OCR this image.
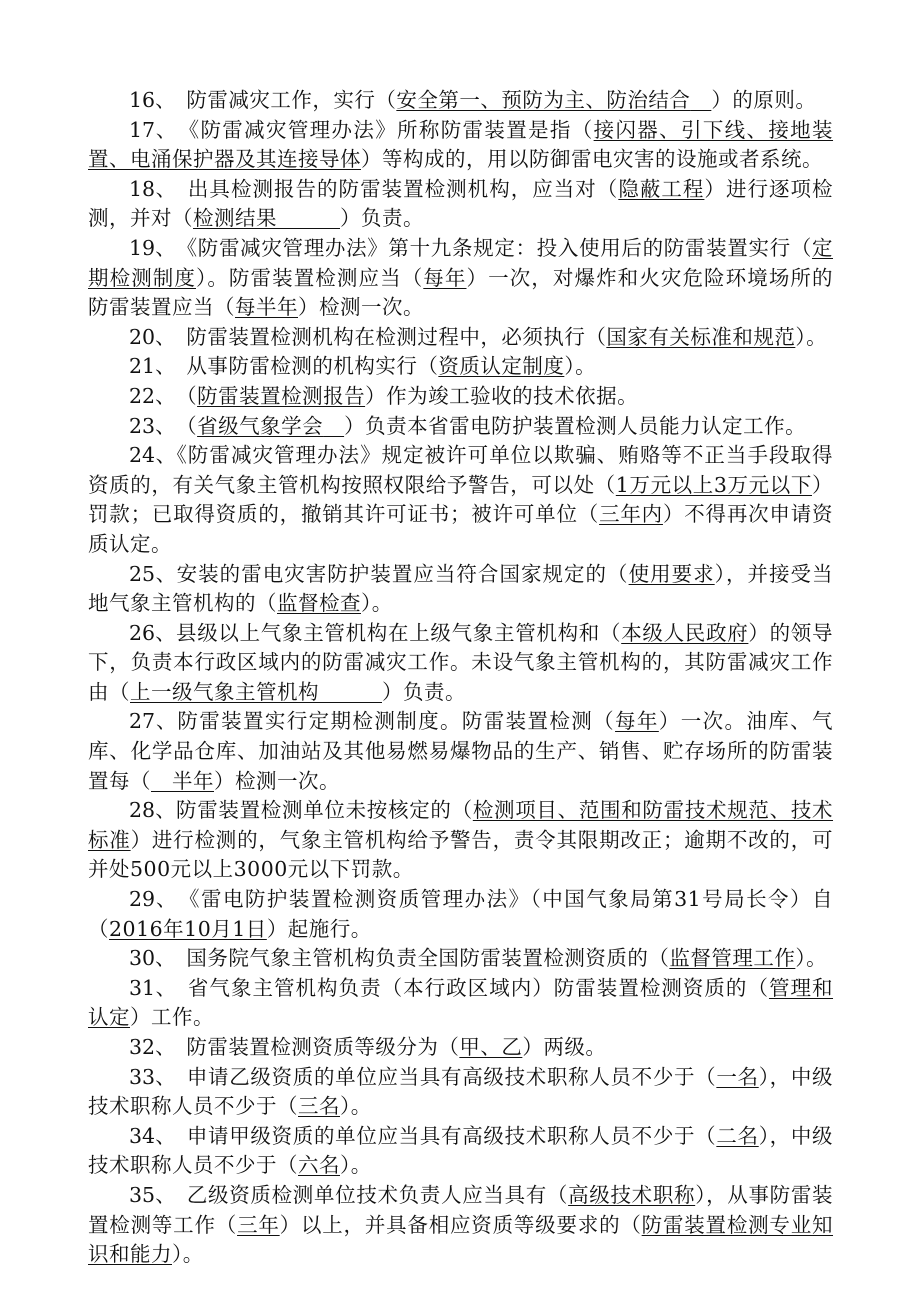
16、　防雷减灾工作，实行（安全第一、预防为主、防治结合　 ）的原则。

17、　《防雷减灾管理办法》所称防雷装置是指（接闪器、引下线、接地装置、电涌保护器及其连接导体）等构成的，用以防御雷电灾害的设施或者系统。

18、　出具检测报告的防雷装置检测机构，应当对（隐蔽工程）进行逐项检测，并对（检测结果　　　	）负责。

19、　《防雷减灾管理办法》第十九条规定：投入使用后的防雷装置实行（定期检测制度）。防雷装置检测应当（每年）一次，对爆炸和火灾危险环境场所的防雷装置应当（每半年）检测一次。

20、　防雷装置检测机构在检测过程中，必须执行（国家有关标准和规范）。

21、　从事防雷检测的机构实行（资质认定制度）。

22、　（防雷装置检测报告）作为竣工验收的技术依据。

23、　（省级气象学会　 ）负责本省雷电防护装置检测人员能力认定工作。

24、《防雷减灾管理办法》规定被许可单位以欺骗、贿赂等不正当手段取得资质的，有关气象主管机构按照权限给予警告，可以处（1万元以上3万元以下）罚款；已取得资质的，撤销其许可证书；被许可单位（三年内）不得再次申请资质认定。

25、安装的雷电灾害防护装置应当符合国家规定的（使用要求），并接受当地气象主管机构的（监督检查）。

26、县级以上气象主管机构在上级气象主管机构和（本级人民政府）的领导下，负责本行政区域内的防雷减灾工作。未设气象主管机构的，其防雷减灾工作由（上一级气象主管机构　　　	）负责。

27、防雷装置实行定期检测制度。防雷装置检测（每年）一次。油库、气库、化学品仓库、加油站及其他易燃易爆物品的生产、销售、贮存场所的防雷装置每（　半年）检测一次。

28、防雷装置检测单位未按核定的（检测项目、范围和防雷技术规范、技术标准）进行检测的，气象主管机构给予警告，责令其限期改正；逾期不改的，可并处500元以上3000元以下罚款。

29、　《雷电防护装置检测资质管理办法》（中国气象局第31号局长令）自（2016年10月1日）起施行。

30、　国务院气象主管机构负责全国防雷装置检测资质的（监督管理工作）。

31、　省气象主管机构负责（本行政区域内）防雷装置检测资质的（管理和认定）工作。

32、　防雷装置检测资质等级分为（甲、乙）两级。

33、　申请乙级资质的单位应当具有高级技术职称人员不少于（一名），中级技术职称人员不少于（三名）。

34、　申请甲级资质的单位应当具有高级技术职称人员不少于（二名），中级技术职称人员不少于（六名）。

35、　乙级资质检测单位技术负责人应当具有（高级技术职称），从事防雷装置检测等工作（三年）以上，并具备相应资质等级要求的（防雷装置检测专业知识和能力）。
